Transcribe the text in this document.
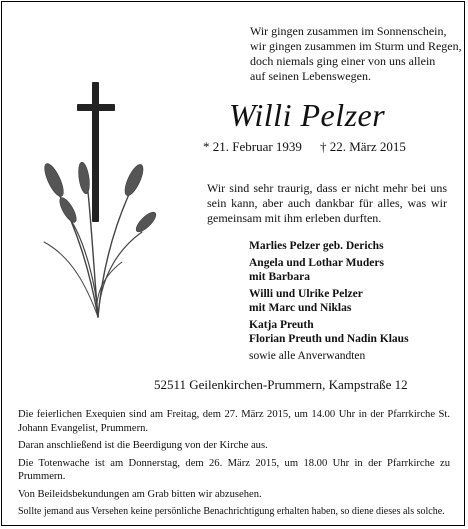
Wir gingen zusammen im Sonnenschein,
wir gingen zusammen im Sturm und Regen,
doch niemals ging einer von uns allein
auf seinen Lebenswegen.
Willi Pelzer
* 21. Februar 1939 † 22. März 2015
Wir sind sehr traurig, dass er nicht mehr bei uns sein kann, aber auch dankbar für alles, was wir gemeinsam mit ihm erleben durften.
Marlies Pelzer geb. Derichs
Angela und Lothar Muders
mit Barbara
Willi und Ulrike Pelzer
mit Marc und Niklas
Katja Preuth
Florian Preuth und Nadin Klaus
sowie alle Anverwandten
52511 Geilenkirchen-Prummern, Kampstraße 12

Die feierlichen Exequien sind am Freitag, dem 27. März 2015, um 14.00 Uhr in der Pfarrkirche St. Johann Evangelist, Prummern.

Daran anschließend ist die Beerdigung von der Kirche aus.

Die Totenwache ist am Donnerstag, dem 26. März 2015, um 18.00 Uhr in der Pfarrkirche zu Prummern.

Von Beileidsbekundungen am Grab bitten wir abzusehen.

Sollte jemand aus Versehen keine persönliche Benachrichtigung erhalten haben, so diene dieses als solche.
